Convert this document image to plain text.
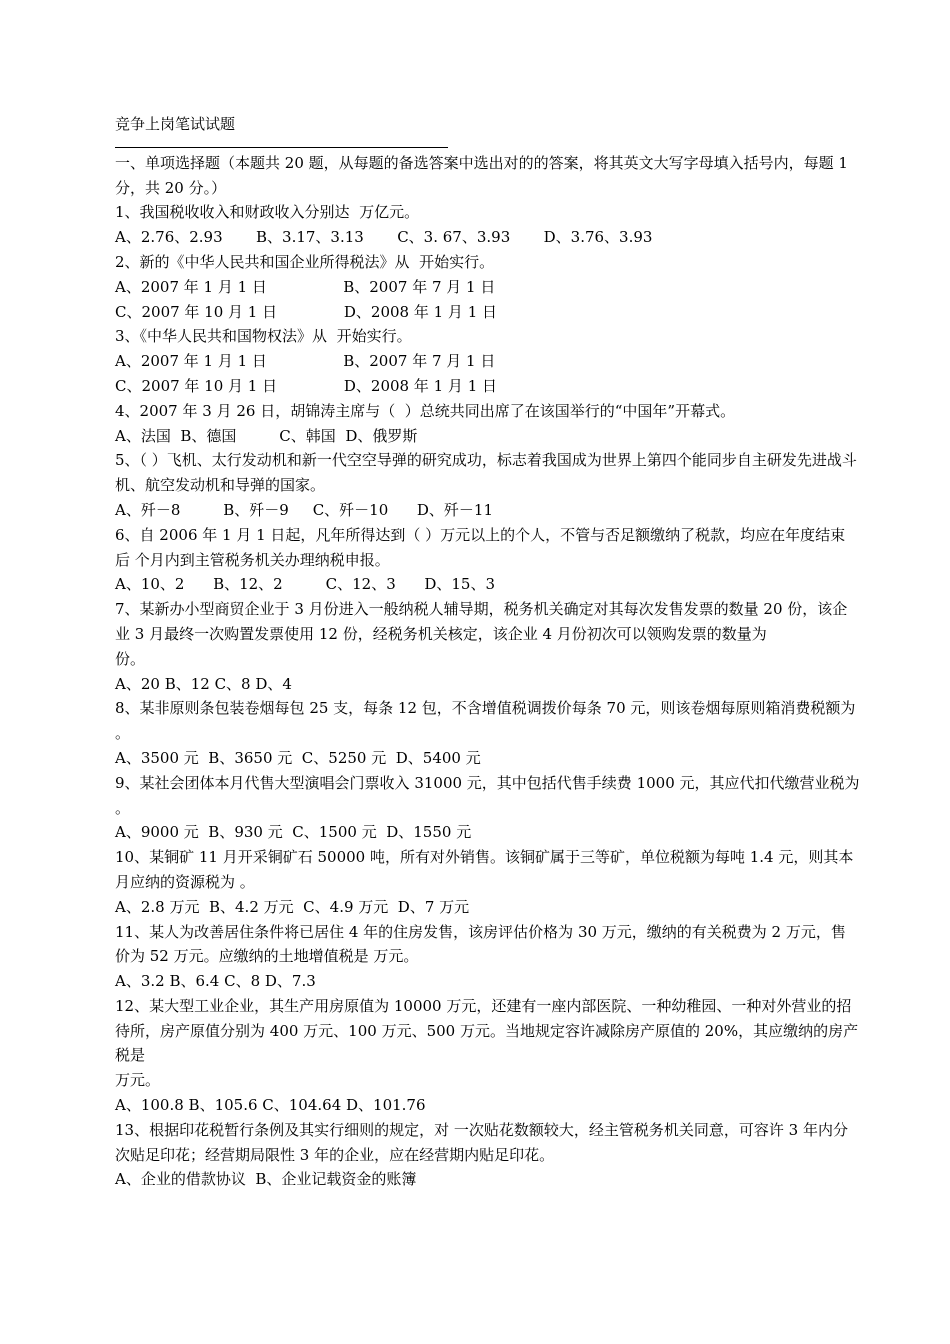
竞争上岗笔试试题
一、单项选择题（本题共 20 题，从每题的备选答案中选出对的的答案，将其英文大写字母填入括号内，每题 1 分，共 20 分。）
1、我国税收收入和财政收入分别达  万亿元。
A、2.76、2.93       B、3.17、3.13       C、3. 67、3.93       D、3.76、3.93
2、新的《中华人民共和国企业所得税法》从  开始实行。
A、2007 年 1 月 1 日                B、2007 年 7 月 1 日
C、2007 年 10 月 1 日              D、2008 年 1 月 1 日
3、《中华人民共和国物权法》从  开始实行。
A、2007 年 1 月 1 日                B、2007 年 7 月 1 日
C、2007 年 10 月 1 日              D、2008 年 1 月 1 日
4、2007 年 3 月 26 日，胡锦涛主席与（  ）总统共同出席了在该国举行的“中国年”开幕式。
A、法国  B、德国         C、韩国  D、俄罗斯
5、（ ）飞机、太行发动机和新一代空空导弹的研究成功，标志着我国成为世界上第四个能同步自主研发先进战斗机、航空发动机和导弹的国家。
A、歼－8         B、歼－9     C、歼－10      D、歼－11
6、自 2006 年 1 月 1 日起，凡年所得达到（ ）万元以上的个人，不管与否足额缴纳了税款，均应在年度结束后 个月内到主管税务机关办理纳税申报。
A、10、2      B、12、2         C、12、3      D、15、3
7、某新办小型商贸企业于 3 月份进入一般纳税人辅导期，税务机关确定对其每次发售发票的数量 20 份，该企业 3 月最终一次购置发票使用 12 份，经税务机关核定，该企业 4 月份初次可以领购发票的数量为
份。
A、20 B、12 C、8 D、4
8、某非原则条包装卷烟每包 25 支，每条 12 包，不含增值税调拨价每条 70 元，则该卷烟每原则箱消费税额为 。
A、3500 元  B、3650 元  C、5250 元  D、5400 元
9、某社会团体本月代售大型演唱会门票收入 31000 元，其中包括代售手续费 1000 元，其应代扣代缴营业税为 。
A、9000 元  B、930 元  C、1500 元  D、1550 元
10、某铜矿 11 月开采铜矿石 50000 吨，所有对外销售。该铜矿属于三等矿，单位税额为每吨 1.4 元，则其本月应纳的资源税为 。
A、2.8 万元  B、4.2 万元  C、4.9 万元  D、7 万元
11、某人为改善居住条件将已居住 4 年的住房发售，该房评估价格为 30 万元，缴纳的有关税费为 2 万元，售价为 52 万元。应缴纳的土地增值税是 万元。
A、3.2 B、6.4 C、8 D、7.3
12、某大型工业企业，其生产用房原值为 10000 万元，还建有一座内部医院、一种幼稚园、一种对外营业的招待所，房产原值分别为 400 万元、100 万元、500 万元。当地规定容许减除房产原值的 20%，其应缴纳的房产税是
万元。
A、100.8 B、105.6 C、104.64 D、101.76
13、根据印花税暂行条例及其实行细则的规定，对 一次贴花数额较大，经主管税务机关同意，可容许 3 年内分次贴足印花；经营期局限性 3 年的企业，应在经营期内贴足印花。
A、企业的借款协议  B、企业记载资金的账簿
